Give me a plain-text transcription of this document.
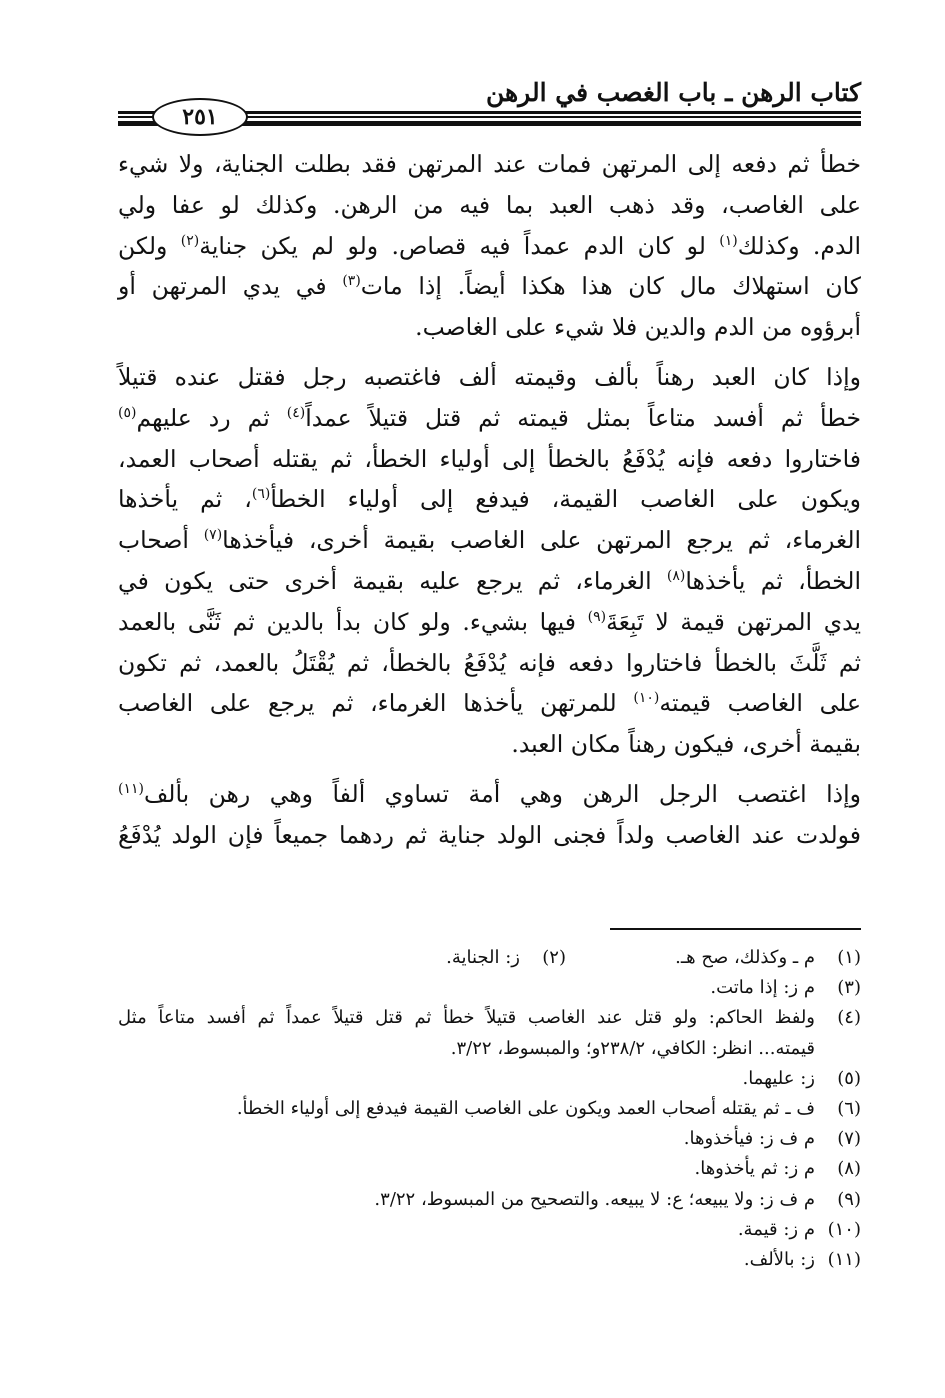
كتاب الرهن ـ باب الغصب في الرهن
٢٥١

خطأ ثم دفعه إلى المرتهن فمات عند المرتهن فقد بطلت الجناية، ولا شيء
على الغاصب، وقد ذهب العبد بما فيه من الرهن. وكذلك لو عفا ولي
الدم. وكذلك$^{(١)}$ لو كان الدم عمداً فيه قصاص. ولو لم يكن جناية$^{(٢)}$ ولكن
كان استهلاك مال كان هذا هكذا أيضاً. إذا مات$^{(٣)}$ في يدي المرتهن أو
أبرؤوه من الدم والدين فلا شيء على الغاصب.

وإذا كان العبد رهناً بألف وقيمته ألف فاغتصبه رجل فقتل عنده قتيلاً
خطأ ثم أفسد متاعاً بمثل قيمته ثم قتل قتيلاً عمداً$^{(٤)}$ ثم رد عليهم$^{(٥)}$
فاختاروا دفعه فإنه يُدْفَعُ بالخطأ إلى أولياء الخطأ، ثم يقتله أصحاب العمد،
ويكون على الغاصب القيمة، فيدفع إلى أولياء الخطأ$^{(٦)}$، ثم يأخذها
الغرماء، ثم يرجع المرتهن على الغاصب بقيمة أخرى، فيأخذها$^{(٧)}$ أصحاب
الخطأ، ثم يأخذها$^{(٨)}$ الغرماء، ثم يرجع عليه بقيمة أخرى حتى يكون في
يدي المرتهن قيمة لا تَبِعَةَ$^{(٩)}$ فيها بشيء. ولو كان بدأ بالدين ثم ثَنَّى بالعمد
ثم ثَلَّثَ بالخطأ فاختاروا دفعه فإنه يُدْفَعُ بالخطأ، ثم يُقْتَلُ بالعمد، ثم تكون
على الغاصب قيمته$^{(١٠)}$ للمرتهن يأخذها الغرماء، ثم يرجع على الغاصب
بقيمة أخرى، فيكون رهناً مكان العبد.

وإذا اغتصب الرجل الرهن وهي أمة تساوي ألفاً وهي رهن بألف$^{(١١)}$
فولدت عند الغاصب ولداً فجنى الولد جناية ثم ردهما جميعاً فإن الولد يُدْفَعُ

(١)
م ـ وكذلك، صح هـ.
(٢)
ز: الجناية.
(٣)
م ز: إذا ماتت.
(٤)
ولفظ الحاكم: ولو قتل عند الغاصب قتيلاً خطأ ثم قتل قتيلاً عمداً ثم أفسد متاعاً مثل
قيمته... انظر: الكافي، ٢٣٨/٢و؛ والمبسوط، ٣/٢٢.
(٥)
ز: عليهما.
(٦)
ف ـ ثم يقتله أصحاب العمد ويكون على الغاصب القيمة فيدفع إلى أولياء الخطأ.
(٧)
م ف ز: فيأخذوها.
(٨)
م ز: ثم يأخذوها.
(٩)
م ف ز: ولا يبيعه؛ ع: لا يبيعه. والتصحيح من المبسوط، ٣/٢٢.
(١٠)
م ز: قيمة.
(١١)
ز: بالألف.
